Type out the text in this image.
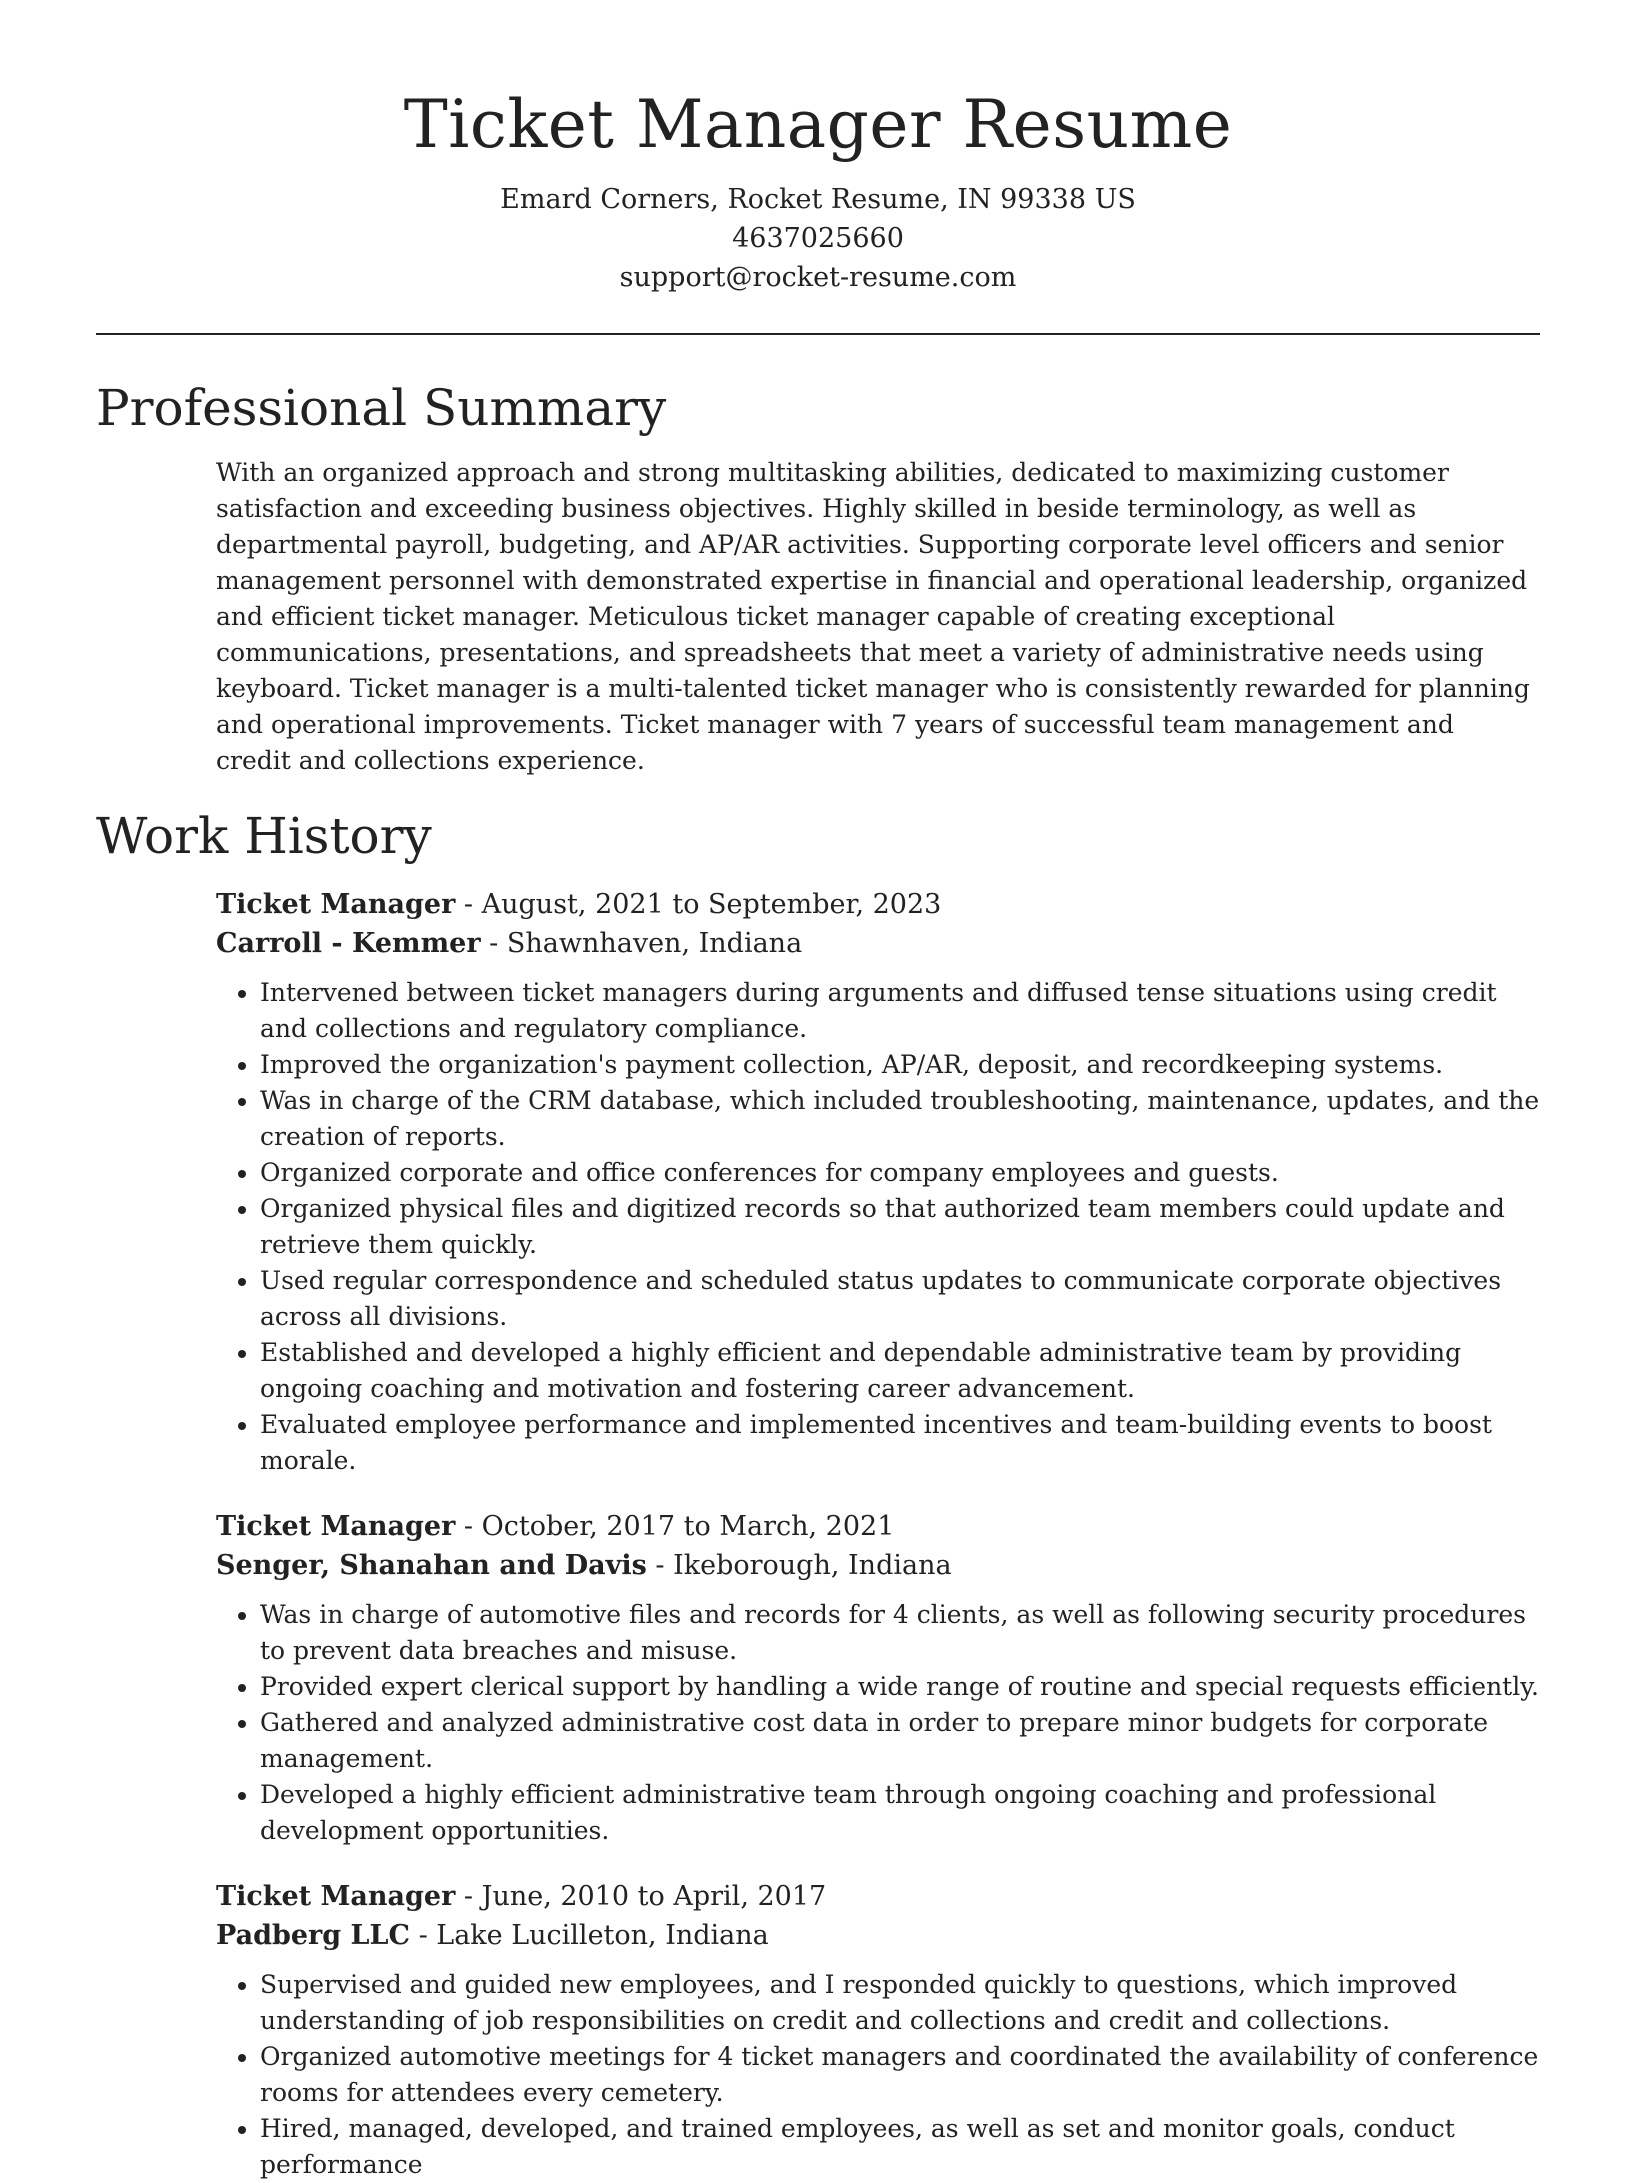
Ticket Manager Resume

Emard Corners, Rocket Resume, IN 99338 US

4637025660

support@rocket-resume.com

Professional Summary

With an organized approach and strong multitasking abilities, dedicated to maximizing customer satisfaction and exceeding business objectives. Highly skilled in beside terminology, as well as departmental payroll, budgeting, and AP/AR activities. Supporting corporate level officers and senior management personnel with demonstrated expertise in financial and operational leadership, organized and efficient ticket manager. Meticulous ticket manager capable of creating exceptional communications, presentations, and spreadsheets that meet a variety of administrative needs using keyboard. Ticket manager is a multi-talented ticket manager who is consistently rewarded for planning and operational improvements. Ticket manager with 7 years of successful team management and credit and collections experience.

Work History

Ticket Manager - August, 2021 to September, 2023

Carroll - Kemmer - Shawnhaven, Indiana

• Intervened between ticket managers during arguments and diffused tense situations using credit and collections and regulatory compliance.
• Improved the organization's payment collection, AP/AR, deposit, and recordkeeping systems.
• Was in charge of the CRM database, which included troubleshooting, maintenance, updates, and the creation of reports.
• Organized corporate and office conferences for company employees and guests.
• Organized physical files and digitized records so that authorized team members could update and retrieve them quickly.
• Used regular correspondence and scheduled status updates to communicate corporate objectives across all divisions.
• Established and developed a highly efficient and dependable administrative team by providing ongoing coaching and motivation and fostering career advancement.
• Evaluated employee performance and implemented incentives and team-building events to boost morale.

Ticket Manager - October, 2017 to March, 2021

Senger, Shanahan and Davis - Ikeborough, Indiana

• Was in charge of automotive files and records for 4 clients, as well as following security procedures to prevent data breaches and misuse.
• Provided expert clerical support by handling a wide range of routine and special requests efficiently.
• Gathered and analyzed administrative cost data in order to prepare minor budgets for corporate management.
• Developed a highly efficient administrative team through ongoing coaching and professional development opportunities.

Ticket Manager - June, 2010 to April, 2017

Padberg LLC - Lake Lucilleton, Indiana

• Supervised and guided new employees, and I responded quickly to questions, which improved understanding of job responsibilities on credit and collections and credit and collections.
• Organized automotive meetings for 4 ticket managers and coordinated the availability of conference rooms for attendees every cemetery.
• Hired, managed, developed, and trained employees, as well as set and monitor goals, conduct performance
